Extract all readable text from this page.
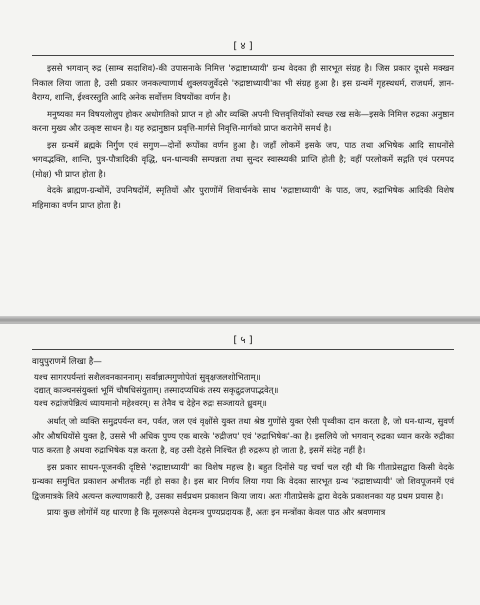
[ ४ ]

इससे भगवान् रुद्र (साम्ब सदाशिव)-की उपासनाके निमित्त 'रुद्राष्टाध्यायी' ग्रन्थ वेदका ही सारभूत संग्रह है। जिस प्रकार दूधसे मक्खन निकाल लिया जाता है, उसी प्रकार जनकल्याणार्थ शुक्लयजुर्वेदसे 'रुद्राष्टाध्यायी'का भी संग्रह हुआ है। इस ग्रन्थमें गृहस्थधर्म, राजधर्म, ज्ञान-वैराग्य, शान्ति, ईश्वरस्तुति आदि अनेक सर्वोत्तम विषयोंका वर्णन है।

मनुष्यका मन विषयलोलुप होकर अधोगतिको प्राप्त न हो और व्यक्ति अपनी चित्तवृत्तियोंको स्वच्छ रख सके—इसके निमित्त रुद्रका अनुष्ठान करना मुख्य और उत्कृष्ट साधन है। यह रुद्रानुष्ठान प्रवृत्ति-मार्गसे निवृत्ति-मार्गको प्राप्त करानेमें समर्थ है।

इस ग्रन्थमें ब्रह्मके निर्गुण एवं सगुण—दोनों रूपोंका वर्णन हुआ है। जहाँ लोकमें इसके जप, पाठ तथा अभिषेक आदि साधनोंसे भगवद्भक्ति, शान्ति, पुत्र-पौत्रादिकी वृद्धि, धन-धान्यकी सम्पन्नता तथा सुन्दर स्वास्थ्यकी प्राप्ति होती है; वहीं परलोकमें सद्गति एवं परमपद (मोक्ष) भी प्राप्त होता है।

वेदके ब्राह्मण-ग्रन्थोंमें, उपनिषदोंमें, स्मृतियों और पुराणोंमें शिवार्चनके साथ 'रुद्राष्टाध्यायी' के पाठ, जप, रुद्राभिषेक आदिकी विशेष महिमाका वर्णन प्राप्त होता है।

[ ५ ]

वायुपुराणमें लिखा है—

यश्च सागरपर्यन्तां सशैलवनकाननाम्। सर्वान्नात्मगुणोपेतां सुवृक्षजलशोभिताम्॥

दद्यात् काञ्चनसंयुक्तां भूमिं चौषधिसंयुताम्। तस्मादप्यधिकं तस्य सकृद्रुद्रजपाद्भवेत्॥

यश्च रुद्रांजपेन्नित्यं ध्यायमानो महेश्वरम्। स तेनैव च देहेन रुद्रः सञ्जायते ध्रुवम्॥

अर्थात् जो व्यक्ति समुद्रपर्यन्त वन, पर्वत, जल एवं वृक्षोंसे युक्त तथा श्रेष्ठ गुणोंसे युक्त ऐसी पृथ्वीका दान करता है, जो धन-धान्य, सुवर्ण और औषधियोंसे युक्त है, उससे भी अधिक पुण्य एक बारके 'रुद्रीजप' एवं 'रुद्राभिषेक'-का है। इसलिये जो भगवान् रुद्रका ध्यान करके रुद्रीका पाठ करता है अथवा रुद्राभिषेक यज्ञ करता है, वह उसी देहसे निश्चित ही रुद्ररूप हो जाता है, इसमें संदेह नहीं है।

इस प्रकार साधन-पूजनकी दृष्टिसे 'रुद्राष्टाध्यायी' का विशेष महत्त्व है। बहुत दिनोंसे यह चर्चा चल रही थी कि गीताप्रेसद्वारा किसी वेदके ग्रन्थका समुचित प्रकाशन अभीतक नहीं हो सका है। इस बार निर्णय लिया गया कि वेदका सारभूत ग्रन्थ 'रुद्राष्टाध्यायी' जो शिवपूजनमें एवं द्विजमात्रके लिये अत्यन्त कल्याणकारी है, उसका सर्वप्रथम प्रकाशन किया जाय। अतः गीताप्रेसके द्वारा वेदके प्रकाशनका यह प्रथम प्रयास है।

प्रायः कुछ लोगोंमें यह धारणा है कि मूलरूपसे वेदमन्त्र पुण्यप्रदायक हैं, अतः इन मन्त्रोंका केवल पाठ और श्रवणमात्र
